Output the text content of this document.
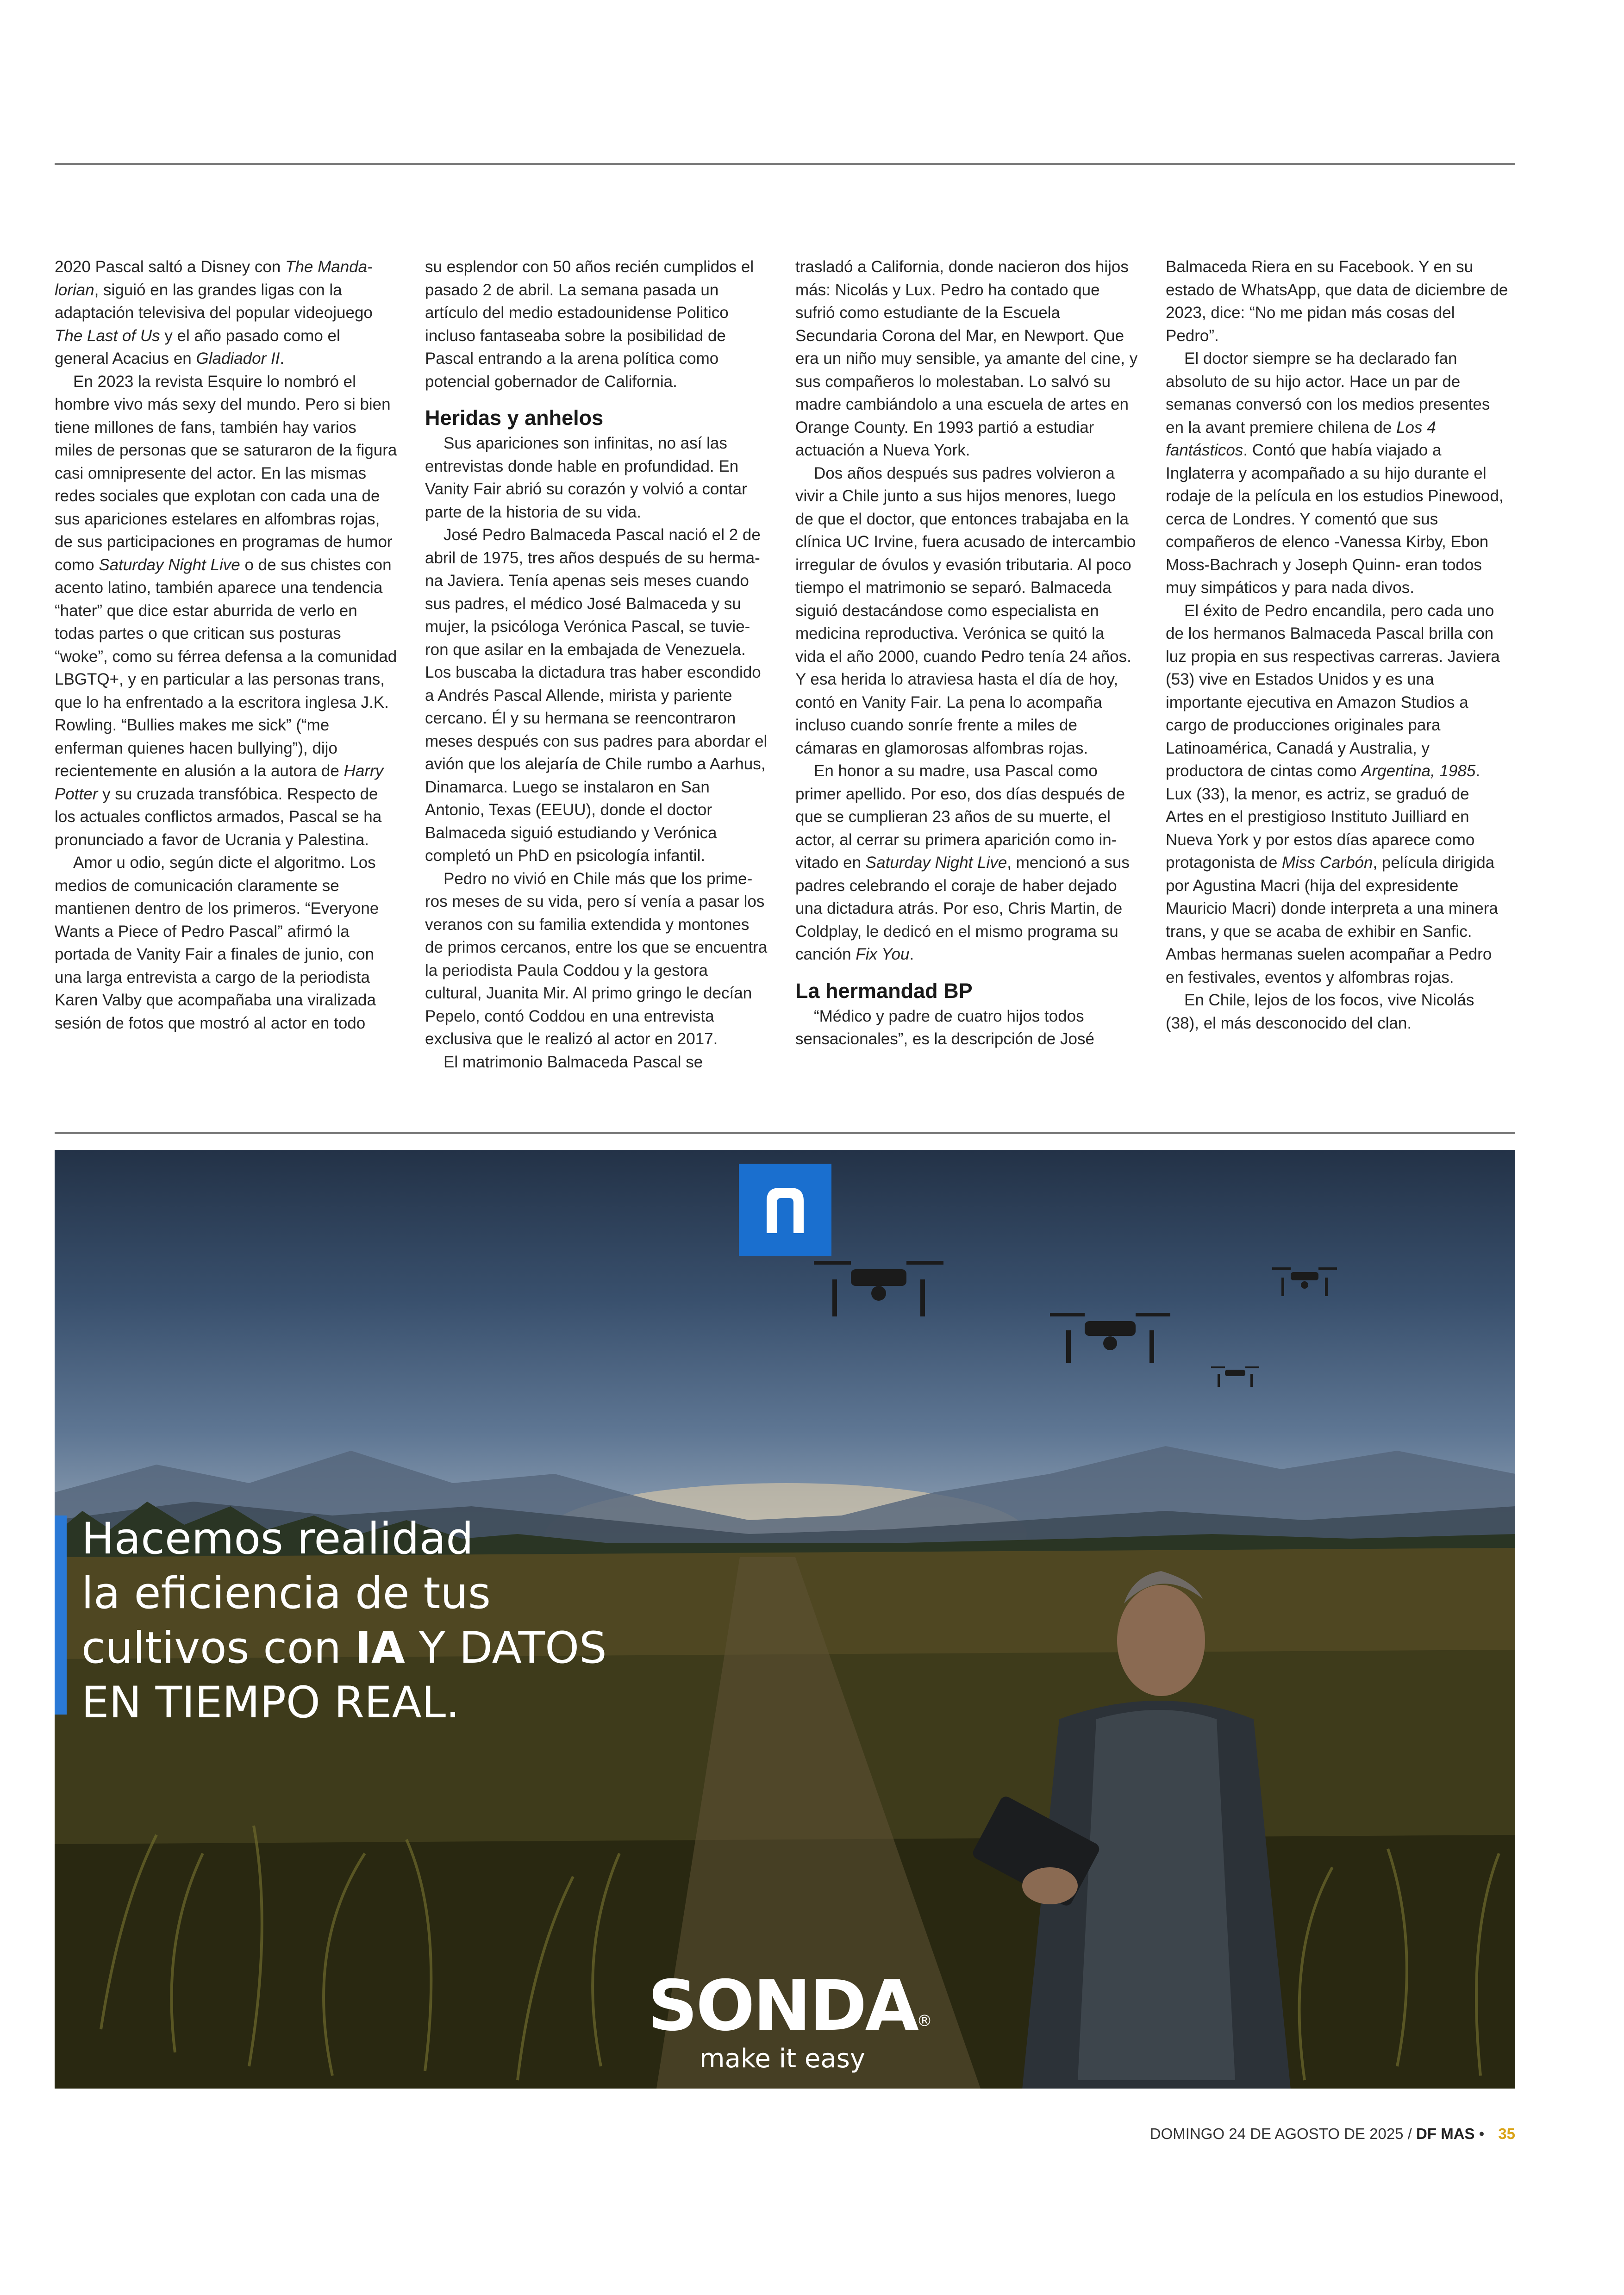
2020 Pascal saltó a Disney con The Mandalorian, siguió en las grandes ligas con la adaptación televisiva del popular videojuego The Last of Us y el año pasado como el general Acacius en Gladiador II.

En 2023 la revista Esquire lo nombró el hombre vivo más sexy del mundo. Pero si bien tiene millones de fans, también hay varios miles de personas que se saturaron de la figura casi omnipresente del actor. En las mismas redes sociales que explotan con cada una de sus apariciones estelares en alfombras rojas, de sus participaciones en programas de humor como Saturday Night Live o de sus chistes con acento latino, también aparece una tendencia “hater” que dice estar aburrida de verlo en todas partes o que critican sus posturas “woke”, como su férrea defensa a la comunidad LBGTQ+, y en particular a las personas trans, que lo ha enfrentado a la escritora inglesa J.K. Rowling. “Bullies makes me sick” (“me enferman quienes hacen bullying”), dijo recientemente en alusión a la autora de Harry Potter y su cruzada transfóbica. Respecto de los actuales conflictos armados, Pascal se ha pronunciado a favor de Ucrania y Palestina.

Amor u odio, según dicte el algoritmo. Los medios de comunicación claramente se mantienen dentro de los primeros. “Everyone Wants a Piece of Pedro Pascal” afirmó la portada de Vanity Fair a finales de junio, con una larga entrevista a cargo de la periodista Karen Valby que acompañaba una viralizada sesión de fotos que mostró al actor en todo

su esplendor con 50 años recién cumplidos el pasado 2 de abril. La semana pasada un artículo del medio estadounidense Politico incluso fantaseaba sobre la posibilidad de Pascal entrando a la arena política como potencial gobernador de California.

Heridas y anhelos

Sus apariciones son infinitas, no así las entrevistas donde hable en profundidad. En Vanity Fair abrió su corazón y volvió a contar parte de la historia de su vida.

José Pedro Balmaceda Pascal nació el 2 de abril de 1975, tres años después de su hermana Javiera. Tenía apenas seis meses cuando sus padres, el médico José Balmaceda y su mujer, la psicóloga Verónica Pascal, se tuvieron que asilar en la embajada de Venezuela. Los buscaba la dictadura tras haber escondido a Andrés Pascal Allende, mirista y pariente cercano. Él y su hermana se reencontraron meses después con sus padres para abordar el avión que los alejaría de Chile rumbo a Aarhus, Dinamarca. Luego se instalaron en San Antonio, Texas (EEUU), donde el doctor Balmaceda siguió estudiando y Verónica completó un PhD en psicología infantil.

Pedro no vivió en Chile más que los primeros meses de su vida, pero sí venía a pasar los veranos con su familia extendida y montones de primos cercanos, entre los que se encuentra la periodista Paula Coddou y la gestora cultural, Juanita Mir. Al primo gringo le decían Pepelo, contó Coddou en una entrevista exclusiva que le realizó al actor en 2017.

El matrimonio Balmaceda Pascal se

trasladó a California, donde nacieron dos hijos más: Nicolás y Lux. Pedro ha contado que sufrió como estudiante de la Escuela Secundaria Corona del Mar, en Newport. Que era un niño muy sensible, ya amante del cine, y sus compañeros lo molestaban. Lo salvó su madre cambiándolo a una escuela de artes en Orange County. En 1993 partió a estudiar actuación a Nueva York.

Dos años después sus padres volvieron a vivir a Chile junto a sus hijos menores, luego de que el doctor, que entonces trabajaba en la clínica UC Irvine, fuera acusado de intercambio irregular de óvulos y evasión tributaria. Al poco tiempo el matrimonio se separó. Balmaceda siguió destacándose como especialista en medicina reproductiva. Verónica se quitó la vida el año 2000, cuando Pedro tenía 24 años. Y esa herida lo atraviesa hasta el día de hoy, contó en Vanity Fair. La pena lo acompaña incluso cuando sonríe frente a miles de cámaras en glamorosas alfombras rojas.

En honor a su madre, usa Pascal como primer apellido. Por eso, dos días después de que se cumplieran 23 años de su muerte, el actor, al cerrar su primera aparición como invitado en Saturday Night Live, mencionó a sus padres celebrando el coraje de haber dejado una dictadura atrás. Por eso, Chris Martin, de Coldplay, le dedicó en el mismo programa su canción Fix You.

La hermandad BP

“Médico y padre de cuatro hijos todos sensacionales”, es la descripción de José

Balmaceda Riera en su Facebook. Y en su estado de WhatsApp, que data de diciembre de 2023, dice: “No me pidan más cosas del Pedro”.

El doctor siempre se ha declarado fan absoluto de su hijo actor. Hace un par de semanas conversó con los medios presentes en la avant premiere chilena de Los 4 fantásticos. Contó que había viajado a Inglaterra y acompañado a su hijo durante el rodaje de la película en los estudios Pinewood, cerca de Londres. Y comentó que sus compañeros de elenco -Vanessa Kirby, Ebon Moss-Bachrach y Joseph Quinn- eran todos muy simpáticos y para nada divos.

El éxito de Pedro encandila, pero cada uno de los hermanos Balmaceda Pascal brilla con luz propia en sus respectivas carreras. Javiera (53) vive en Estados Unidos y es una importante ejecutiva en Amazon Studios a cargo de producciones originales para Latinoamérica, Canadá y Australia, y productora de cintas como Argentina, 1985. Lux (33), la menor, es actriz, se graduó de Artes en el prestigioso Instituto Juilliard en Nueva York y por estos días aparece como protagonista de Miss Carbón, película dirigida por Agustina Macri (hija del expresidente Mauricio Macri) donde interpreta a una minera trans, y que se acaba de exhibir en Sanfic. Ambas hermanas suelen acompañar a Pedro en festivales, eventos y alfombras rojas.

En Chile, lejos de los focos, vive Nicolás (38), el más desconocido del clan.

Hacemos realidad
la eficiencia de tus
cultivos con IA Y DATOS
EN TIEMPO REAL.
SONDA ®
make it easy
DOMINGO 24 DE AGOSTO DE 2025 / DF MAS • 35
